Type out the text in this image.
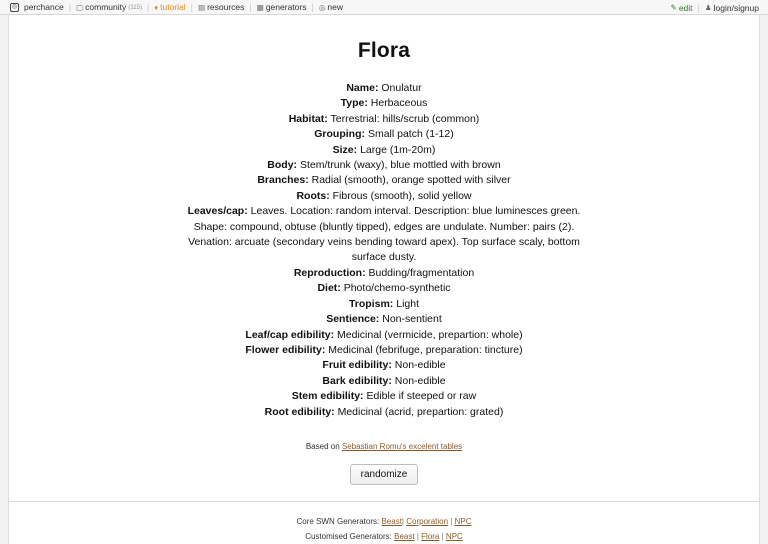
◎ perchance | ▢ community (115) | ♦ tutorial | ▤ resources | ▦ generators | ◎ new	✎ edit | ♟ login/signup
Flora
Name: Onulatur
Type: Herbaceous
Habitat: Terrestrial: hills/scrub (common)
Grouping: Small patch (1-12)
Size: Large (1m-20m)
Body: Stem/trunk (waxy), blue mottled with brown
Branches: Radial (smooth), orange spotted with silver
Roots: Fibrous (smooth), solid yellow
Leaves/cap: Leaves. Location: random interval. Description: blue luminesces green. Shape: compound, obtuse (bluntly tipped), edges are undulate. Number: pairs (2). Venation: arcuate (secondary veins bending toward apex). Top surface scaly, bottom surface dusty.
Reproduction: Budding/fragmentation
Diet: Photo/chemo-synthetic
Tropism: Light
Sentience: Non-sentient
Leaf/cap edibility: Medicinal (vermicide, prepartion: whole)
Flower edibility: Medicinal (febrifuge, preparation: tincture)
Fruit edibility: Non-edible
Bark edibility: Non-edible
Stem edibility: Edible if steeped or raw
Root edibility: Medicinal (acrid, prepartion: grated)
Based on Sebastian Romu's excelent tables
randomize
Core SWN Generators: Beast| Corporation | NPC
Customised Generators: Beast | Flora | NPC
